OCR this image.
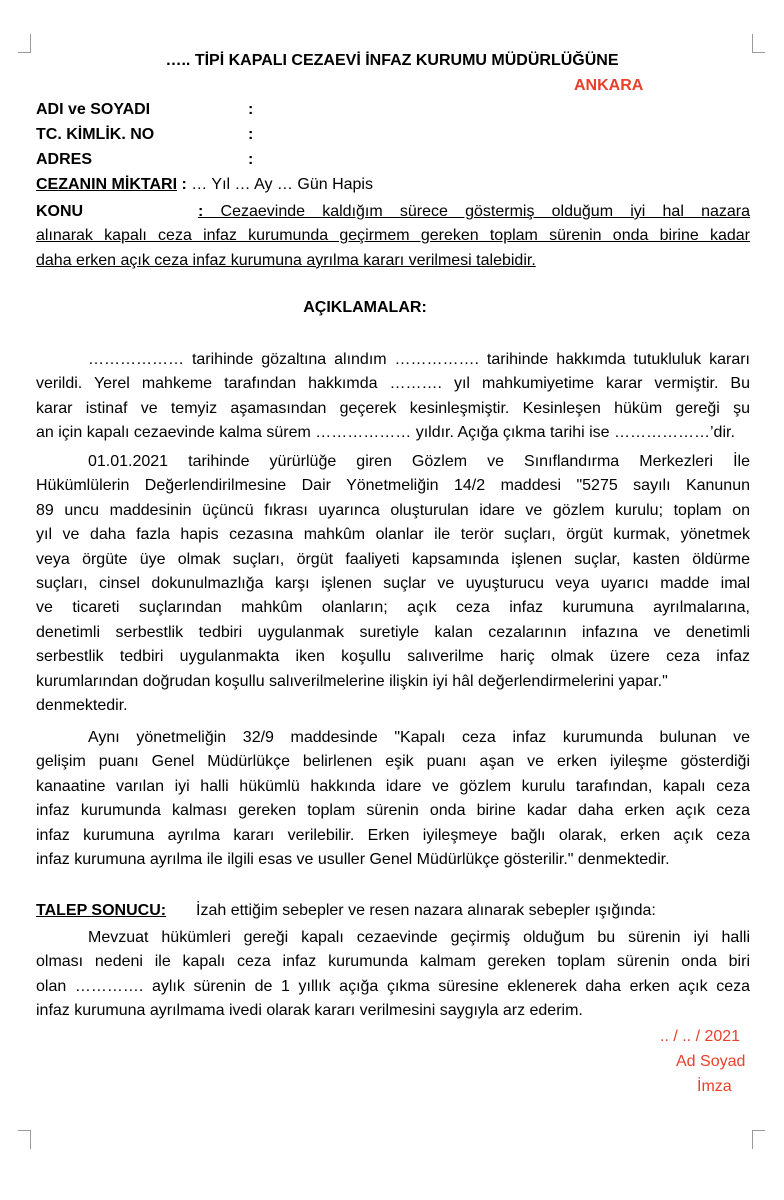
….. TİPİ KAPALI CEZAEVİ İNFAZ KURUMU MÜDÜRLÜĞÜNE
ANKARA
ADI ve SOYADI	:
TC. KİMLİK. NO	:
ADRES	:
CEZANIN MİKTARI : … Yıl … Ay … Gün Hapis
KONU	: Cezaevinde kaldığım sürece göstermiş olduğum iyi hal nazara
alınarak kapalı ceza infaz kurumunda geçirmem gereken toplam sürenin onda birine kadar
daha erken açık ceza infaz kurumuna ayrılma kararı verilmesi talebidir.
AÇIKLAMALAR:
……………… tarihinde gözaltına alındım ……………. tarihinde hakkımda tutukluluk kararı
verildi. Yerel mahkeme tarafından hakkımda ………. yıl mahkumiyetime karar vermiştir. Bu
karar istinaf ve temyiz aşamasından geçerek kesinleşmiştir. Kesinleşen hüküm gereği şu
an için kapalı cezaevinde kalma sürem ……………… yıldır. Açığa çıkma tarihi ise ………………’dir.
01.01.2021 tarihinde yürürlüğe giren Gözlem ve Sınıflandırma Merkezleri İle
Hükümlülerin Değerlendirilmesine Dair Yönetmeliğin 14/2 maddesi "5275 sayılı Kanunun
89 uncu maddesinin üçüncü fıkrası uyarınca oluşturulan idare ve gözlem kurulu; toplam on
yıl ve daha fazla hapis cezasına mahkûm olanlar ile terör suçları, örgüt kurmak, yönetmek
veya örgüte üye olmak suçları, örgüt faaliyeti kapsamında işlenen suçlar, kasten öldürme
suçları, cinsel dokunulmazlığa karşı işlenen suçlar ve uyuşturucu veya uyarıcı madde imal
ve ticareti suçlarından mahkûm olanların; açık ceza infaz kurumuna ayrılmalarına,
denetimli serbestlik tedbiri uygulanmak suretiyle kalan cezalarının infazına ve denetimli
serbestlik tedbiri uygulanmakta iken koşullu salıverilme hariç olmak üzere ceza infaz
kurumlarından doğrudan koşullu salıverilmelerine ilişkin iyi hâl değerlendirmelerini yapar."
denmektedir.
Aynı yönetmeliğin 32/9 maddesinde "Kapalı ceza infaz kurumunda bulunan ve
gelişim puanı Genel Müdürlükçe belirlenen eşik puanı aşan ve erken iyileşme gösterdiği
kanaatine varılan iyi halli hükümlü hakkında idare ve gözlem kurulu tarafından, kapalı ceza
infaz kurumunda kalması gereken toplam sürenin onda birine kadar daha erken açık ceza
infaz kurumuna ayrılma kararı verilebilir. Erken iyileşmeye bağlı olarak, erken açık ceza
infaz kurumuna ayrılma ile ilgili esas ve usuller Genel Müdürlükçe gösterilir." denmektedir.
TALEP SONUCU: İzah ettiğim sebepler ve resen nazara alınarak sebepler ışığında:
Mevzuat hükümleri gereği kapalı cezaevinde geçirmiş olduğum bu sürenin iyi halli
olması nedeni ile kapalı ceza infaz kurumunda kalmam gereken toplam sürenin onda biri
olan …………. aylık sürenin de 1 yıllık açığa çıkma süresine eklenerek daha erken açık ceza
infaz kurumuna ayrılmama ivedi olarak kararı verilmesini saygıyla arz ederim.
.. / .. / 2021
Ad Soyad
İmza
